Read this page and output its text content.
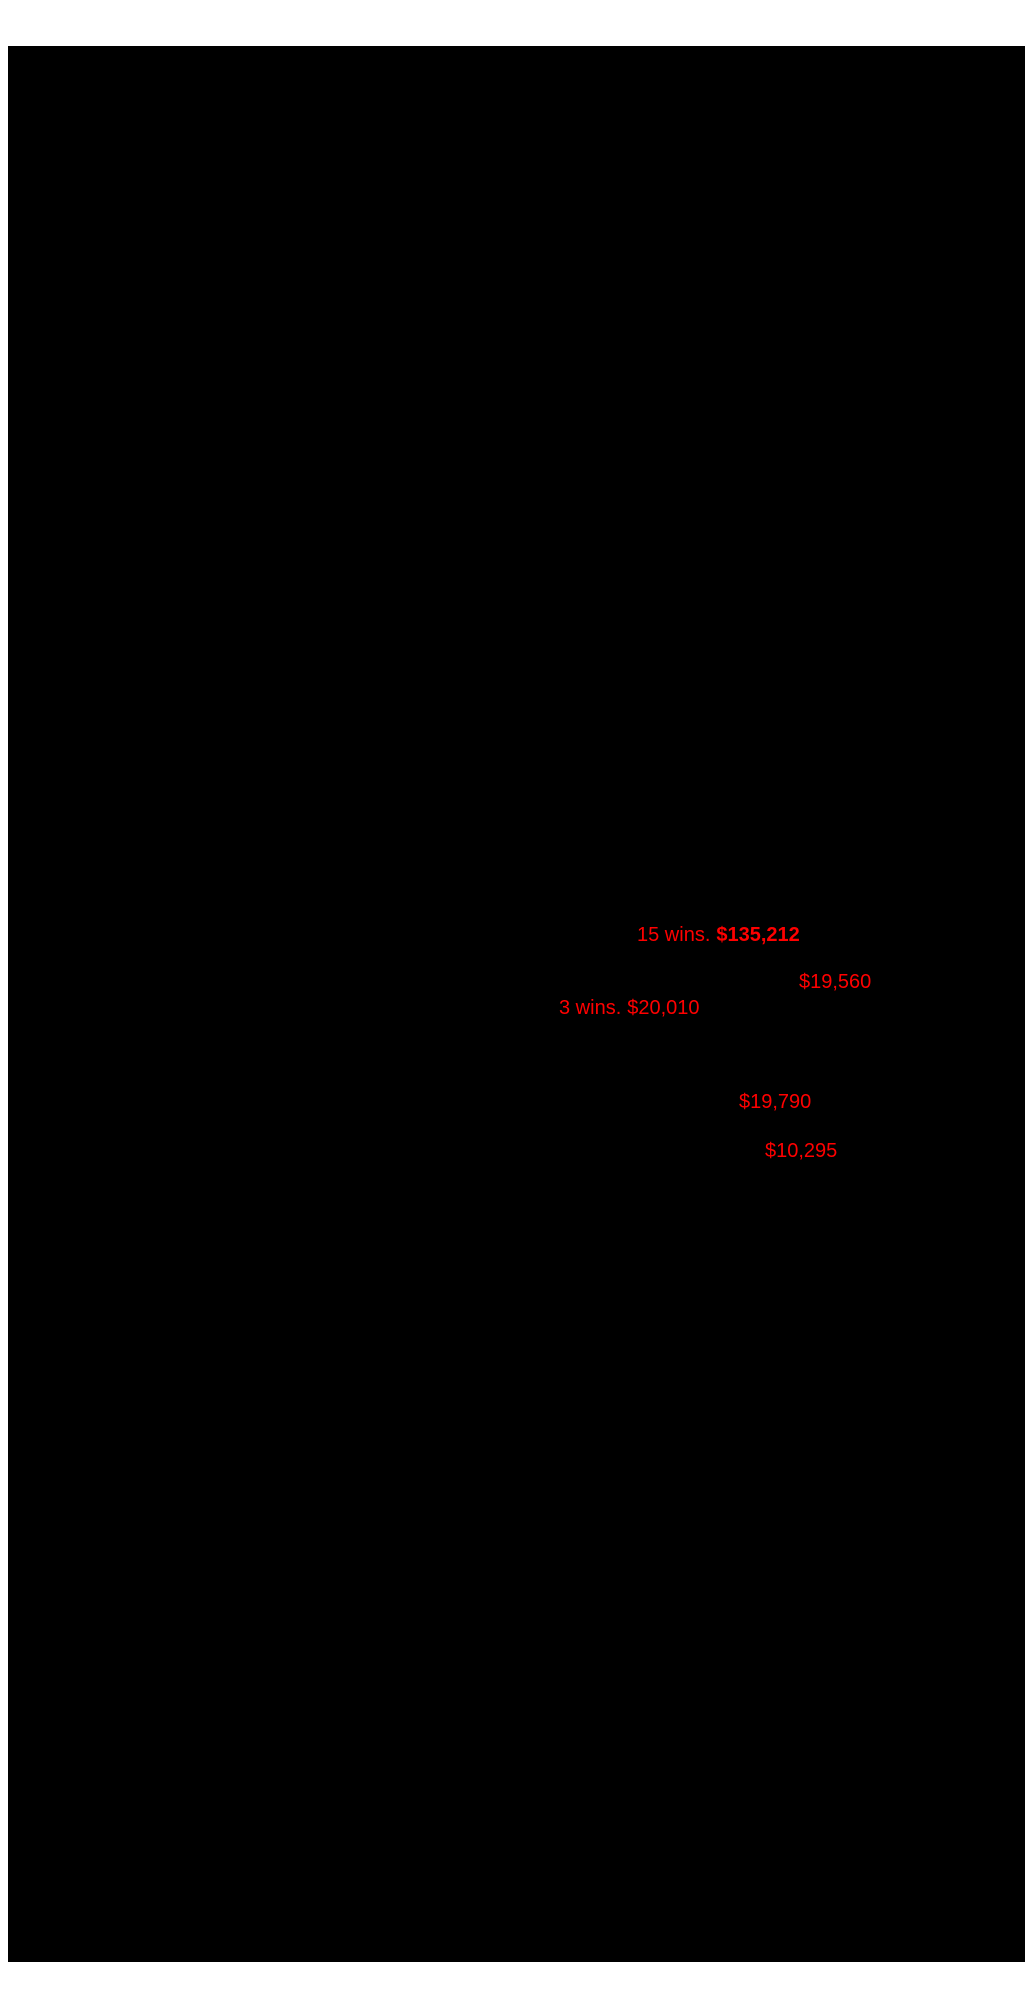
15 wins. $135,212
$19,560
3 wins. $20,010
$19,790
$10,295
